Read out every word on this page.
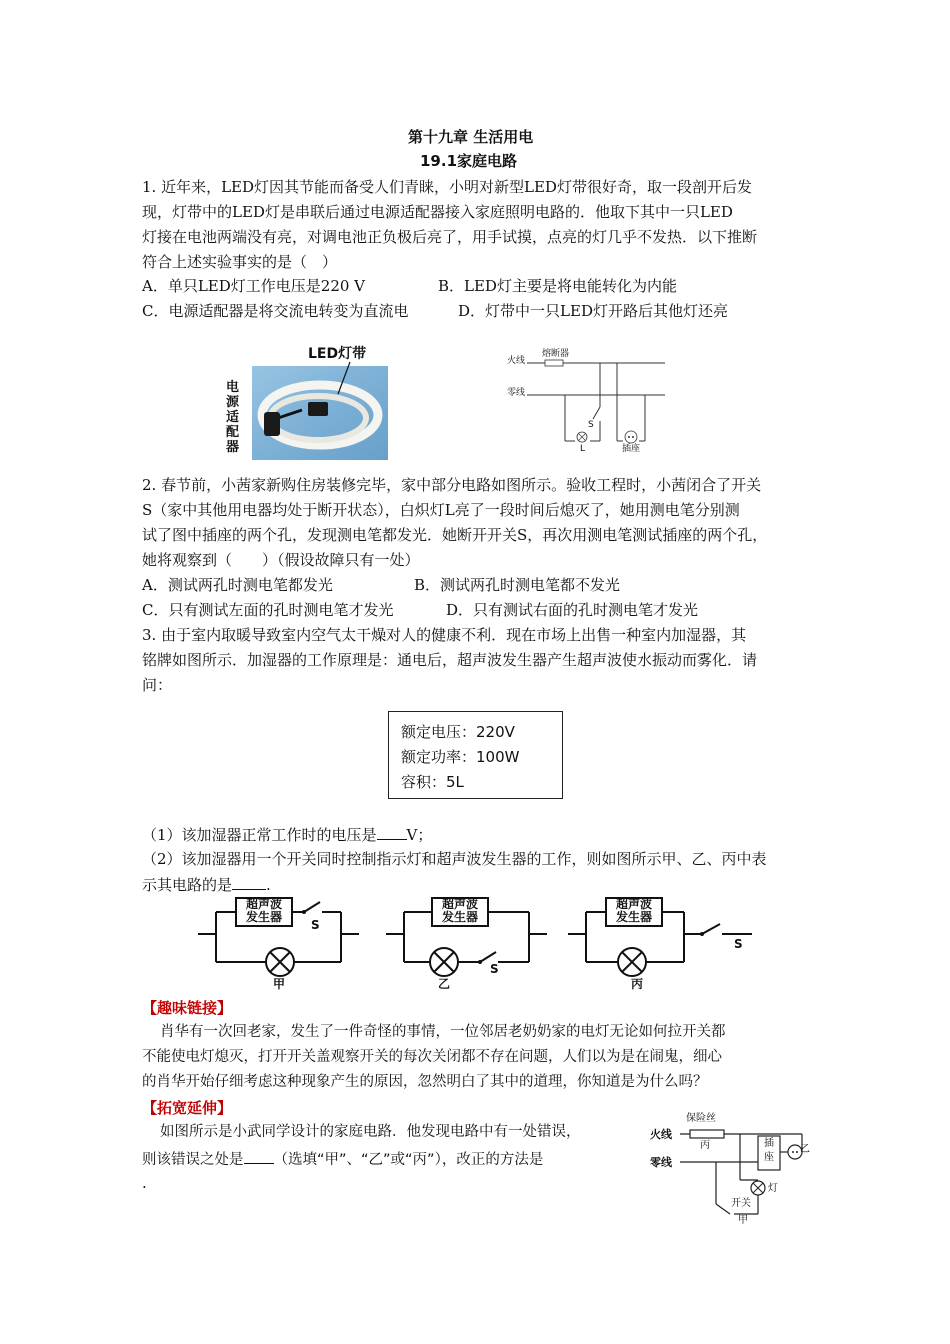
第十九章 生活用电
19.1家庭电路
1. 近年来，LED灯因其节能而备受人们青睐，小明对新型LED灯带很好奇，取一段剖开后发
现，灯带中的LED灯是串联后通过电源适配器接入家庭照明电路的．他取下其中一只LED
灯接在电池两端没有亮，对调电池正负极后亮了，用手试摸，点亮的灯几乎不发热．以下推断
符合上述实验事实的是（　）
A．单只LED灯工作电压是220 V	B．LED灯主要是将电能转化为内能
C．电源适配器是将交流电转变为直流电	D．灯带中一只LED灯开路后其他灯还亮
LED灯带
电源适配器
火线
熔断器
零线
S
L	插座
2. 春节前，小茜家新购住房装修完毕，家中部分电路如图所示。验收工程时，小茜闭合了开关
S（家中其他用电器均处于断开状态），白炽灯L亮了一段时间后熄灭了，她用测电笔分别测
试了图中插座的两个孔，发现测电笔都发光．她断开开关S，再次用测电笔测试插座的两个孔，
她将观察到（　　）（假设故障只有一处）
A．测试两孔时测电笔都发光	B．测试两孔时测电笔都不发光
C．只有测试左面的孔时测电笔才发光	D．只有测试右面的孔时测电笔才发光
3. 由于室内取暖导致室内空气太干燥对人的健康不利．现在市场上出售一种室内加湿器，其
铭牌如图所示．加湿器的工作原理是：通电后，超声波发生器产生超声波使水振动而雾化．请
问：
额定电压：220V
额定功率：100W
容积：5L
（1）该加湿器正常工作时的电压是 V；
（2）该加湿器用一个开关同时控制指示灯和超声波发生器的工作，则如图所示甲、乙、丙中表
示其电路的是 .
超声波
发生器
S
甲
超声波
发生器
S
乙
超声波
发生器
S
丙
【趣味链接】
肖华有一次回老家，发生了一件奇怪的事情，一位邻居老奶奶家的电灯无论如何拉开关都
不能使电灯熄灭，打开开关盖观察开关的每次关闭都不存在问题，人们以为是在闹鬼，细心
的肖华开始仔细考虑这种现象产生的原因，忽然明白了其中的道理，你知道是为什么吗？
【拓宽延伸】
如图所示是小武同学设计的家庭电路．他发现电路中有一处错误，
则该错误之处是 （选填“甲”、“乙”或“丙”），改正的方法是
.
火线
零线
保险丝
丙	插
座
乙
灯
开关
甲
